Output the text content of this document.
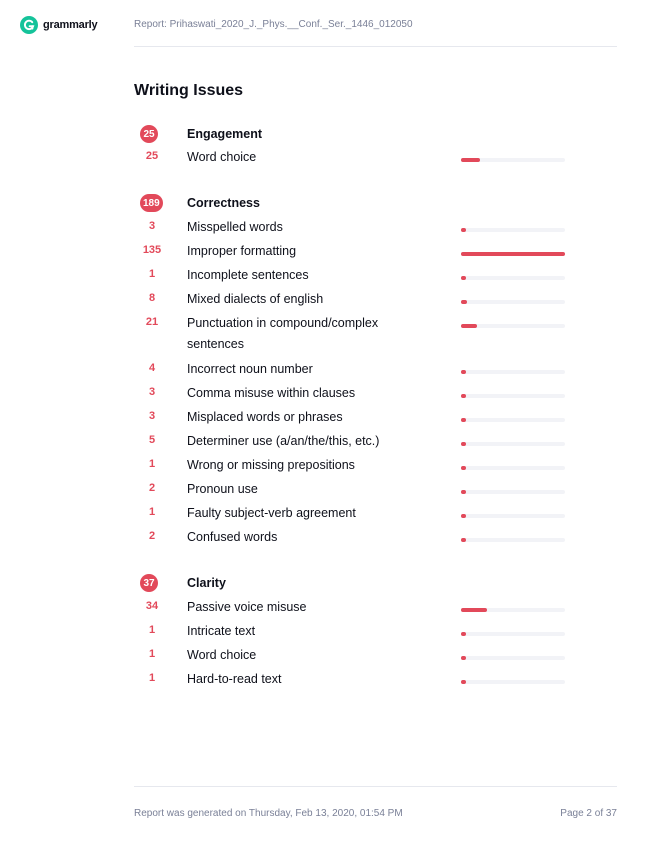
grammarly	Report: Prihaswati_2020_J._Phys.__Conf._Ser._1446_012050
Writing Issues
25	Engagement
25	Word choice
189 Correctness
3	Misspelled words
135	Improper formatting
1	Incomplete sentences
8	Mixed dialects of english
21	Punctuation in compound/complex sentences
4	Incorrect noun number
3	Comma misuse within clauses
3	Misplaced words or phrases
5	Determiner use (a/an/the/this, etc.)
1	Wrong or missing prepositions
2	Pronoun use
1	Faulty subject-verb agreement
2	Confused words
37	Clarity
34	Passive voice misuse
1	Intricate text
1	Word choice
1	Hard-to-read text
Report was generated on Thursday, Feb 13, 2020, 01:54 PM	Page 2 of 37
